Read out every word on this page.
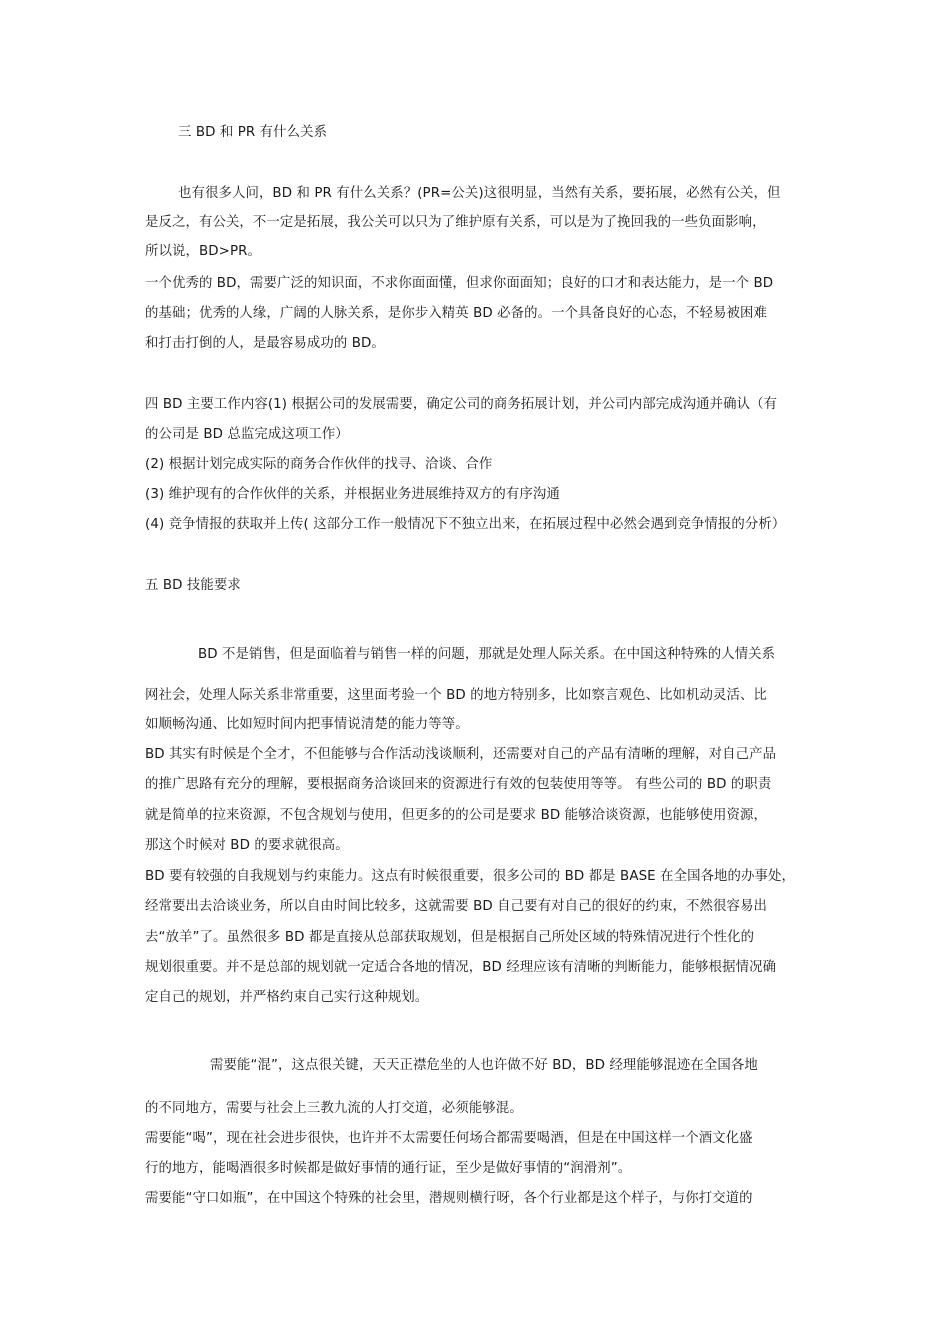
三 BD 和 PR 有什么关系
也有很多人问，BD 和 PR 有什么关系？(PR=公关)这很明显，当然有关系，要拓展，必然有公关，但
是反之，有公关，不一定是拓展，我公关可以只为了维护原有关系，可以是为了挽回我的一些负面影响，
所以说，BD>PR。
一个优秀的 BD，需要广泛的知识面，不求你面面懂，但求你面面知；良好的口才和表达能力，是一个 BD
的基础；优秀的人缘，广阔的人脉关系，是你步入精英 BD 必备的。一个具备良好的心态，不轻易被困难
和打击打倒的人，是最容易成功的 BD。
四 BD 主要工作内容(1) 根据公司的发展需要，确定公司的商务拓展计划，并公司内部完成沟通并确认（有
的公司是 BD 总监完成这项工作）
(2) 根据计划完成实际的商务合作伙伴的找寻、洽谈、合作
(3) 维护现有的合作伙伴的关系，并根据业务进展维持双方的有序沟通
(4) 竞争情报的获取并上传( 这部分工作一般情况下不独立出来，在拓展过程中必然会遇到竞争情报的分析）
五 BD 技能要求
BD 不是销售，但是面临着与销售一样的问题，那就是处理人际关系。在中国这种特殊的人情关系
网社会，处理人际关系非常重要，这里面考验一个 BD 的地方特别多，比如察言观色、比如机动灵活、比
如顺畅沟通、比如短时间内把事情说清楚的能力等等。
BD 其实有时候是个全才，不但能够与合作活动浅谈顺利，还需要对自己的产品有清晰的理解，对自己产品
的推广思路有充分的理解，要根据商务洽谈回来的资源进行有效的包装使用等等。 有些公司的 BD 的职责
就是简单的拉来资源，不包含规划与使用，但更多的的公司是要求 BD 能够洽谈资源，也能够使用资源，
那这个时候对 BD 的要求就很高。
BD 要有较强的自我规划与约束能力。这点有时候很重要，很多公司的 BD 都是 BASE 在全国各地的办事处，
经常要出去洽谈业务，所以自由时间比较多，这就需要 BD 自己要有对自己的很好的约束，不然很容易出
去“放羊”了。虽然很多 BD 都是直接从总部获取规划，但是根据自己所处区域的特殊情况进行个性化的
规划很重要。并不是总部的规划就一定适合各地的情况，BD 经理应该有清晰的判断能力，能够根据情况确
定自己的规划，并严格约束自己实行这种规划。
需要能“混”，这点很关键，天天正襟危坐的人也许做不好 BD，BD 经理能够混迹在全国各地
的不同地方，需要与社会上三教九流的人打交道，必须能够混。
需要能“喝”，现在社会进步很快，也许并不太需要任何场合都需要喝酒，但是在中国这样一个酒文化盛
行的地方，能喝酒很多时候都是做好事情的通行证，至少是做好事情的“润滑剂”。
需要能“守口如瓶”，在中国这个特殊的社会里，潜规则横行呀，各个行业都是这个样子，与你打交道的
